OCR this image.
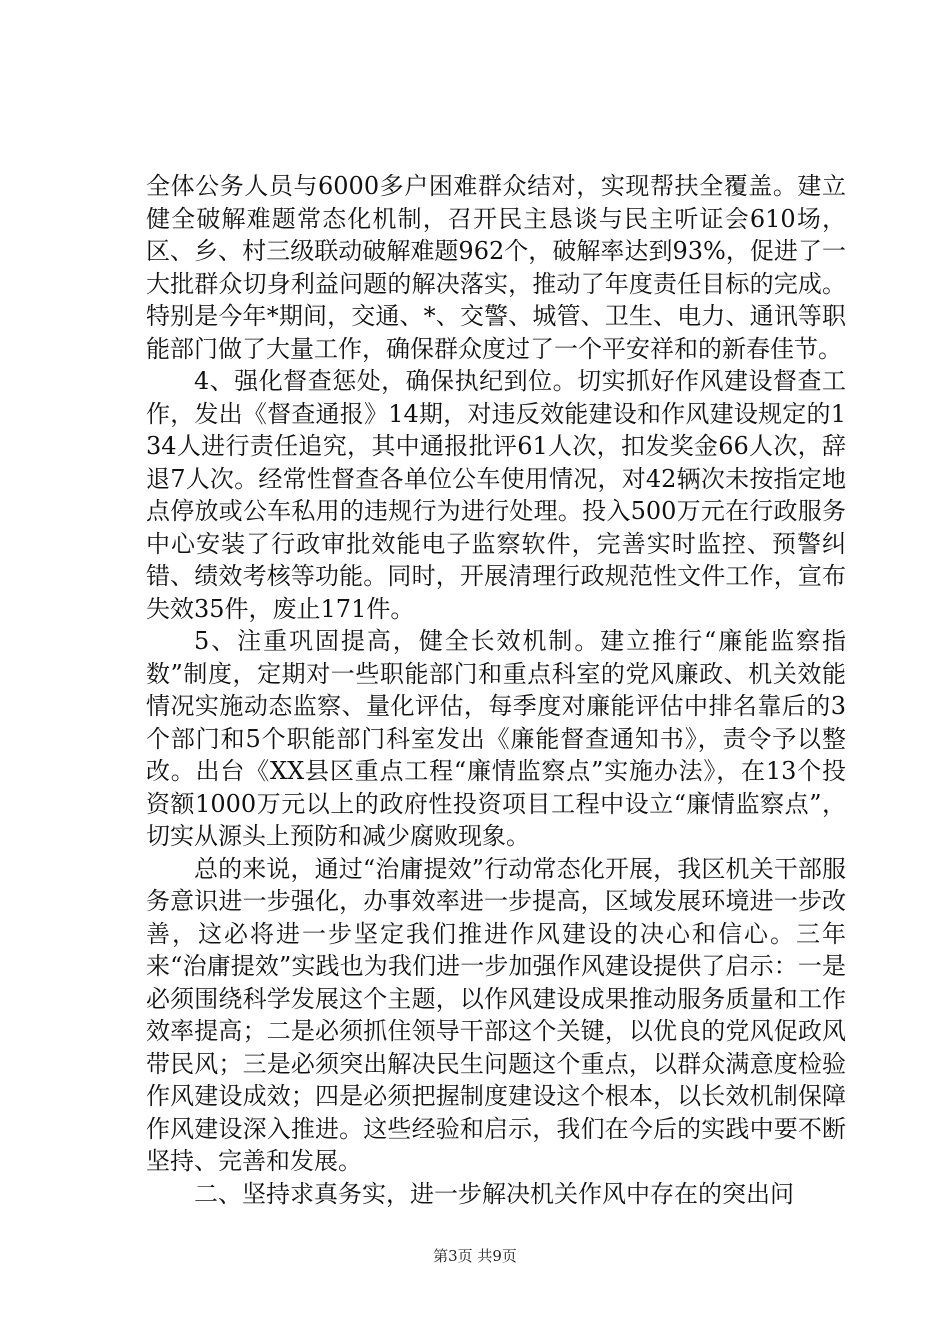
全体公务人员与6000多户困难群众结对，实现帮扶全覆盖。建立健全破解难题常态化机制，召开民主恳谈与民主听证会610场，区、乡、村三级联动破解难题962个，破解率达到93%，促进了一大批群众切身利益问题的解决落实，推动了年度责任目标的完成。特别是今年*期间，交通、*、交警、城管、卫生、电力、通讯等职能部门做了大量工作，确保群众度过了一个平安祥和的新春佳节。

4、强化督查惩处，确保执纪到位。切实抓好作风建设督查工作，发出《督查通报》14期，对违反效能建设和作风建设规定的134人进行责任追究，其中通报批评61人次，扣发奖金66人次，辞退7人次。经常性督查各单位公车使用情况，对42辆次未按指定地点停放或公车私用的违规行为进行处理。投入500万元在行政服务中心安装了行政审批效能电子监察软件，完善实时监控、预警纠错、绩效考核等功能。同时，开展清理行政规范性文件工作，宣布失效35件，废止171件。

5、注重巩固提高，健全长效机制。建立推行“廉能监察指数”制度，定期对一些职能部门和重点科室的党风廉政、机关效能情况实施动态监察、量化评估，每季度对廉能评估中排名靠后的3个部门和5个职能部门科室发出《廉能督查通知书》，责令予以整改。出台《XX县区重点工程“廉情监察点”实施办法》，在13个投资额1000万元以上的政府性投资项目工程中设立“廉情监察点”，切实从源头上预防和减少腐败现象。

总的来说，通过“治庸提效”行动常态化开展，我区机关干部服务意识进一步强化，办事效率进一步提高，区域发展环境进一步改善，这必将进一步坚定我们推进作风建设的决心和信心。三年来“治庸提效”实践也为我们进一步加强作风建设提供了启示：一是必须围绕科学发展这个主题，以作风建设成果推动服务质量和工作效率提高；二是必须抓住领导干部这个关键，以优良的党风促政风带民风；三是必须突出解决民生问题这个重点，以群众满意度检验作风建设成效；四是必须把握制度建设这个根本，以长效机制保障作风建设深入推进。这些经验和启示，我们在今后的实践中要不断坚持、完善和发展。

二、坚持求真务实，进一步解决机关作风中存在的突出问

第3页 共9页
